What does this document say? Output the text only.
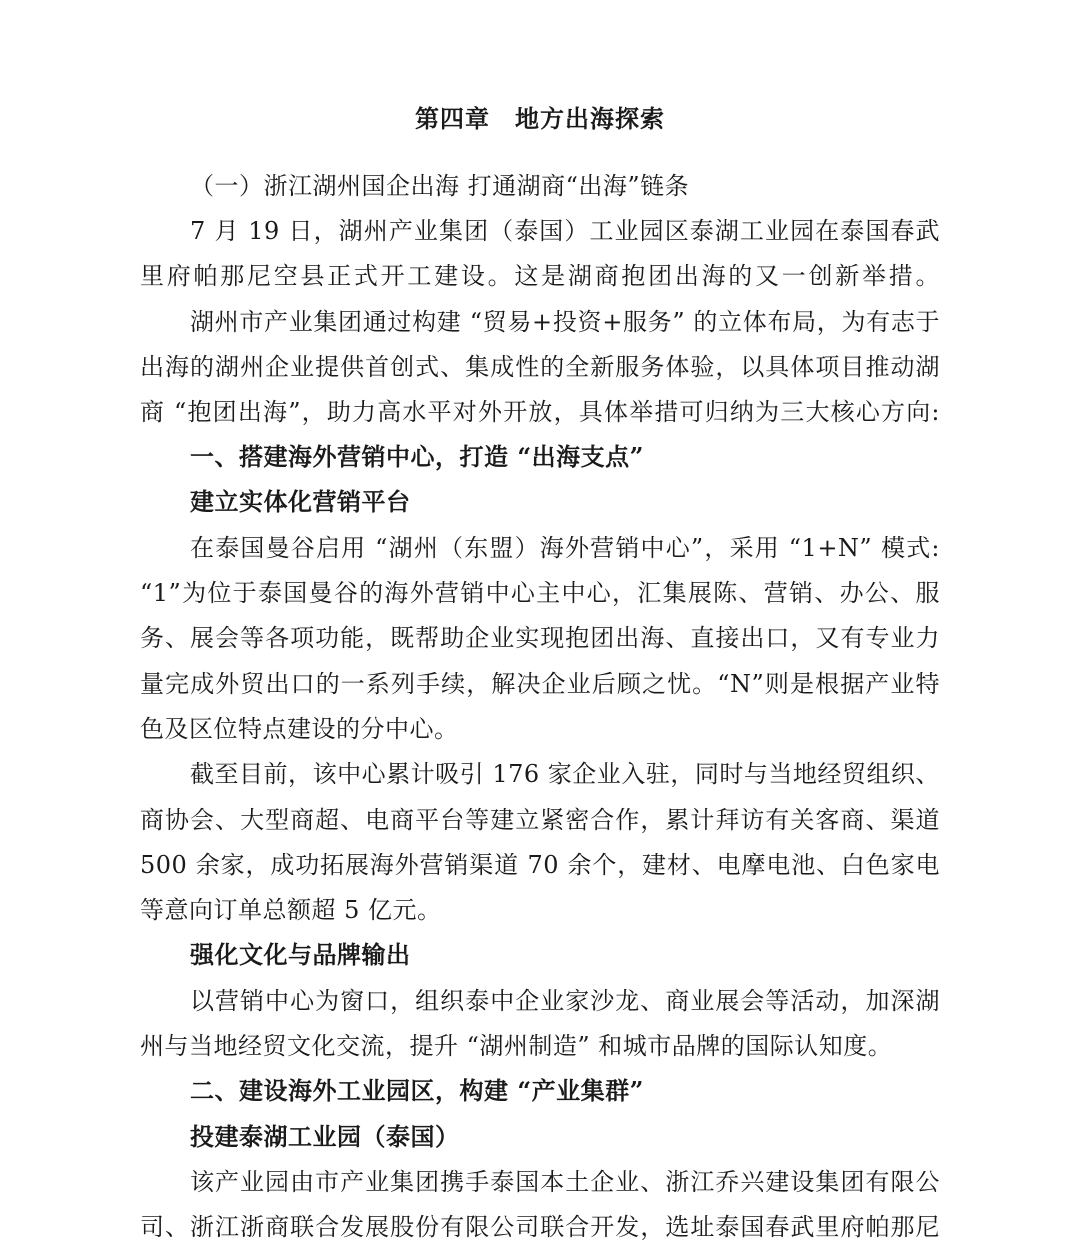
第四章　地方出海探索
（一）浙江湖州国企出海 打通湖商“出海”链条
7 月 19 日，湖州产业集团（泰国）工业园区泰湖工业园在泰国春武
里府帕那尼空县正式开工建设。这是湖商抱团出海的又一创新举措。
湖州市产业集团通过构建 “贸易+投资+服务” 的立体布局，为有志于
出海的湖州企业提供首创式、集成性的全新服务体验，以具体项目推动湖
商 “抱团出海”，助力高水平对外开放，具体举措可归纳为三大核心方向:
一、搭建海外营销中心，打造 “出海支点”
建立实体化营销平台
在泰国曼谷启用 “湖州（东盟）海外营销中心”，采用 “1+N” 模式:
“1”为位于泰国曼谷的海外营销中心主中心，汇集展陈、营销、办公、服
务、展会等各项功能，既帮助企业实现抱团出海、直接出口，又有专业力
量完成外贸出口的一系列手续，解决企业后顾之忧。“N”则是根据产业特
色及区位特点建设的分中心。
截至目前，该中心累计吸引 176 家企业入驻，同时与当地经贸组织、
商协会、大型商超、电商平台等建立紧密合作，累计拜访有关客商、渠道
500 余家，成功拓展海外营销渠道 70 余个，建材、电摩电池、白色家电
等意向订单总额超 5 亿元。
强化文化与品牌输出
以营销中心为窗口，组织泰中企业家沙龙、商业展会等活动，加深湖
州与当地经贸文化交流，提升 “湖州制造” 和城市品牌的国际认知度。
二、建设海外工业园区，构建 “产业集群”
投建泰湖工业园（泰国）
该产业园由市产业集团携手泰国本土企业、浙江乔兴建设集团有限公
司、浙江浙商联合发展股份有限公司联合开发，选址泰国春武里府帕那尼
